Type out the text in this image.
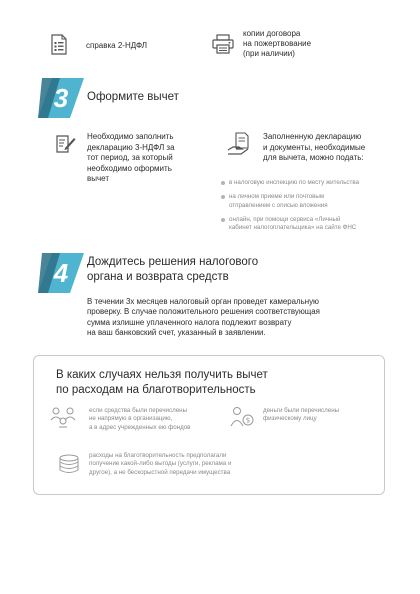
справка 2-НДФЛ
копии договора
на пожертвование
(при наличии)
3	Оформите вычет
Необходимо заполнить
декларацию 3-НДФЛ за
тот период, за который
необходимо оформить
вычет
Заполненную декларацию
и документы, необходимые
для вычета, можно подать:
в налоговую инспекцию по месту жительства
на личном приеме или почтовым
отправлением с описью вложения
онлайн, при помощи сервиса «Личный
кабинет налогоплательщика» на сайте ФНС
4	Дождитесь решения налогового
органа и возврата средств
В течении 3х месяцев налоговый орган проведет камеральную
проверку. В случае положительного решения соответствующая
сумма излишне уплаченного налога подлежит возврату
на ваш банковский счет, указанный в заявлении.
В каких случаях нельзя получить вычет
по расходам на благотворительность
если средства были перечислены
не напрямую в организацию,
а в адрес учрежденных ею фондов
$
деньги были перечислены
физическому лицу
расходы на благотворительность предполагали
получение какой-либо выгоды (услуги, реклама и
другое), а не бескорыстной передачи имущества
